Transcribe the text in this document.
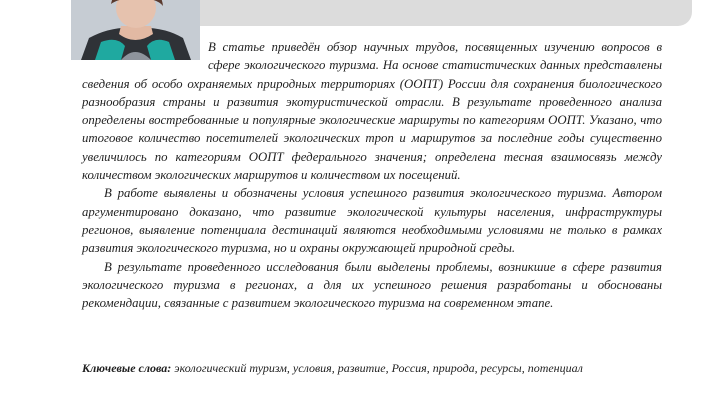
В статье приведён обзор научных трудов, посвященных изучению вопросов в сфере экологического туризма. На основе статистических данных представлены сведения об особо охраняемых природных территориях (ООПТ) России для сохранения биологического разнообразия страны и развития экотуристической отрасли. В результате проведенного анализа определены востребованные и популярные экологические маршруты по категориям ООПТ. Указано, что итоговое количество посетителей экологических троп и маршрутов за последние годы существенно увеличилось по категориям ООПТ федерального значения; определена тесная взаимосвязь между количеством экологических маршрутов и количеством их посещений.

В работе выявлены и обозначены условия успешного развития экологического туризма. Автором аргументировано доказано, что развитие экологической культуры населения, инфраструктуры регионов, выявление потенциала дестинаций являются необходимыми условиями не только в рамках развития экологического туризма, но и охраны окружающей природной среды.

В результате проведенного исследования были выделены проблемы, возникшие в сфере развития экологического туризма в регионах, а для их успешного решения разработаны и обоснованы рекомендации, связанные с развитием экологического туризма на современном этапе.

Ключевые слова: экологический туризм, условия, развитие, Россия, природа, ресурсы, потенциал
